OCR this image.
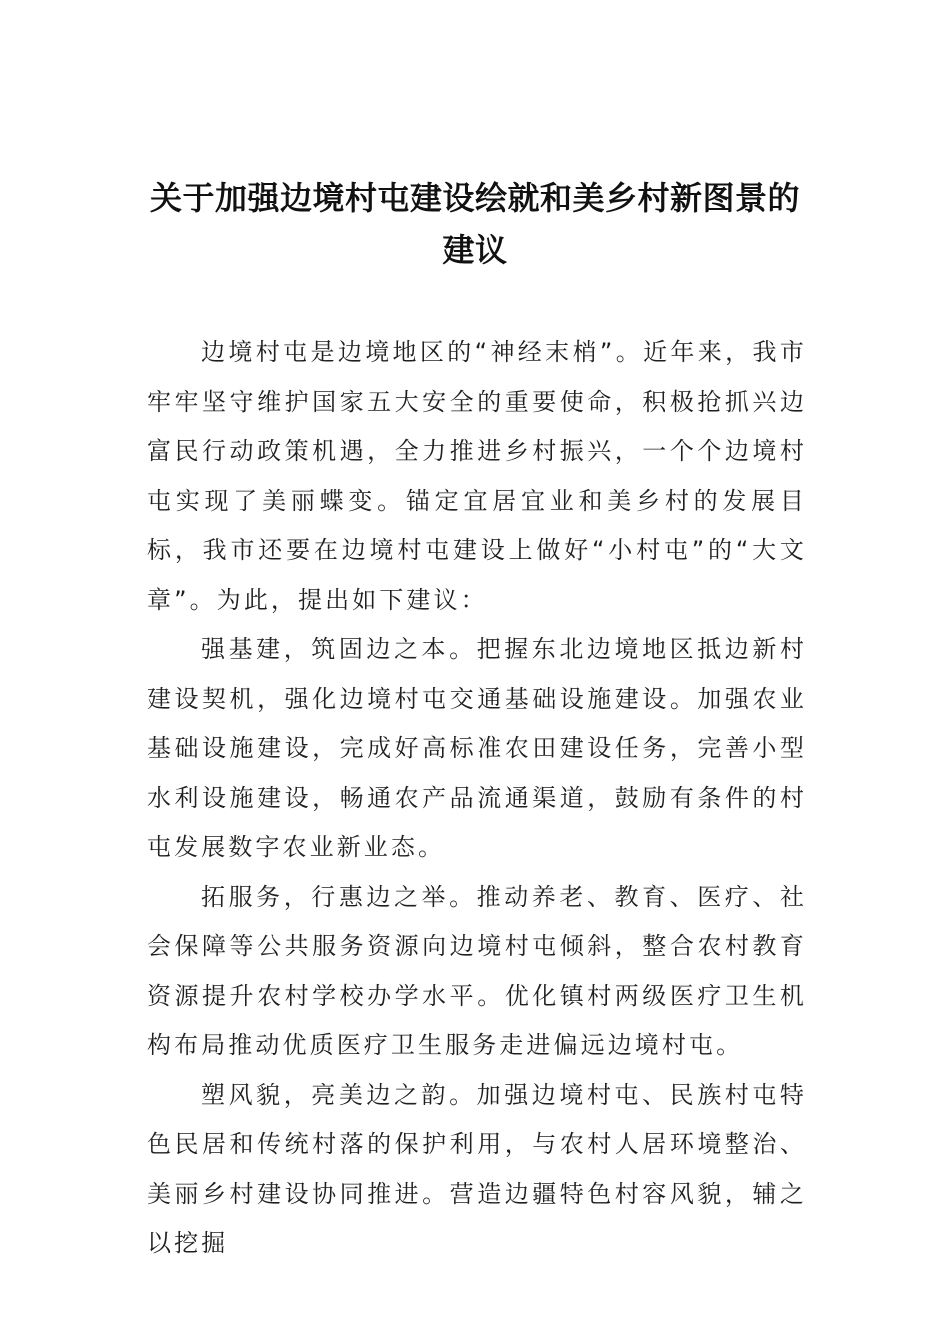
关于加强边境村屯建设绘就和美乡村新图景的建议

边境村屯是边境地区的“神经末梢”。近年来，我市牢牢坚守维护国家五大安全的重要使命，积极抢抓兴边富民行动政策机遇，全力推进乡村振兴，一个个边境村屯实现了美丽蝶变。锚定宜居宜业和美乡村的发展目标，我市还要在边境村屯建设上做好“小村屯”的“大文章”。为此，提出如下建议：

强基建，筑固边之本。把握东北边境地区抵边新村建设契机，强化边境村屯交通基础设施建设。加强农业基础设施建设，完成好高标准农田建设任务，完善小型水利设施建设，畅通农产品流通渠道，鼓励有条件的村屯发展数字农业新业态。

拓服务，行惠边之举。推动养老、教育、医疗、社会保障等公共服务资源向边境村屯倾斜，整合农村教育资源提升农村学校办学水平。优化镇村两级医疗卫生机构布局推动优质医疗卫生服务走进偏远边境村屯。

塑风貌，亮美边之韵。加强边境村屯、民族村屯特色民居和传统村落的保护利用，与农村人居环境整治、美丽乡村建设协同推进。营造边疆特色村容风貌，辅之以挖掘
